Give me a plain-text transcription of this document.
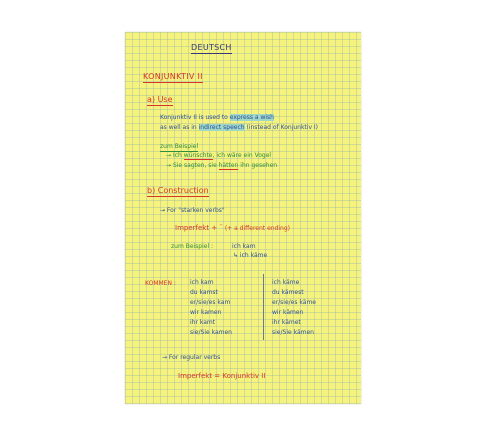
DEUTSCH
KONJUNKTIV II
a) Use
Konjunktiv II is used to express a wish
as well as in indirect speech (instead of Konjunktiv I)
zum Beispiel
→ Ich wünschte, ich wäre ein Vogel
→ Sie sagten, sie hätten ihn gesehen
b) Construction
→ For "starken verbs"
Imperfekt + ¨ (+ a different ending)
zum Beispiel :	ich kam
↳ ich käme
KOMMEN : ich kam
du kamst
er/sie/es kam
wir kamen
ihr kamt
sie/Sie kamen
ich käme
du kämest
er/sie/es käme
wir kämen
ihr kämet
sie/Sie kämen
→ For regular verbs
Imperfekt = Konjunktiv II
